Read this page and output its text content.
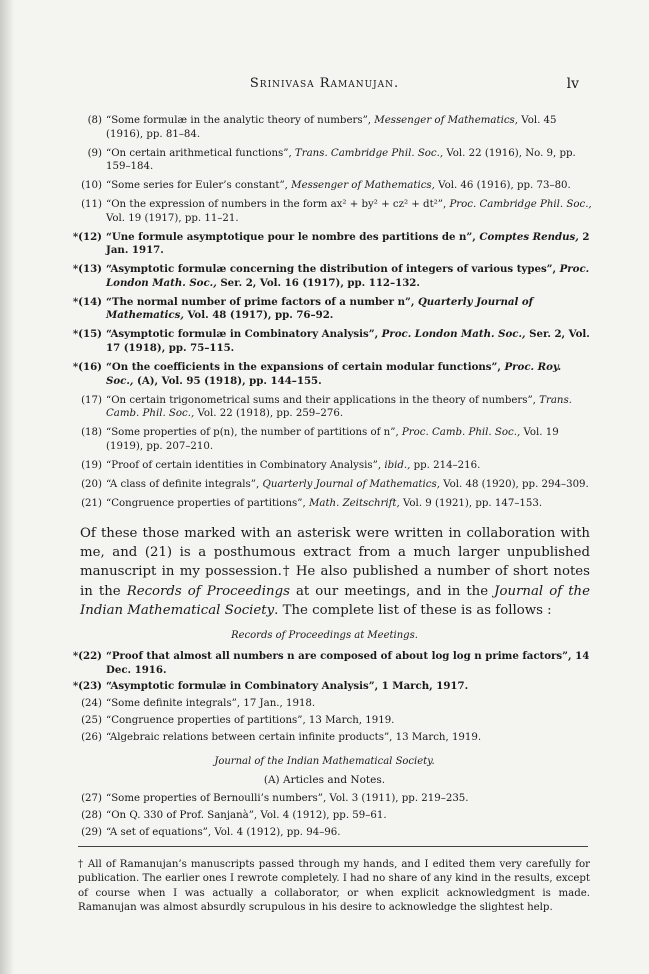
Srinivasa Ramanujan.	lv
(8) “Some formulæ in the analytic theory of numbers”, Messenger of Mathematics, Vol. 45 (1916), pp. 81–84.
(9) “On certain arithmetical functions”, Trans. Cambridge Phil. Soc., Vol. 22 (1916), No. 9, pp. 159–184.
(10) “Some series for Euler’s constant”, Messenger of Mathematics, Vol. 46 (1916), pp. 73–80.
(11) “On the expression of numbers in the form ax² + by² + cz² + dt²”, Proc. Cambridge Phil. Soc., Vol. 19 (1917), pp. 11–21.
*(12) “Une formule asymptotique pour le nombre des partitions de n”, Comptes Rendus, 2 Jan. 1917.
*(13) “Asymptotic formulæ concerning the distribution of integers of various types”, Proc. London Math. Soc., Ser. 2, Vol. 16 (1917), pp. 112–132.
*(14) “The normal number of prime factors of a number n”, Quarterly Journal of Mathematics, Vol. 48 (1917), pp. 76–92.
*(15) “Asymptotic formulæ in Combinatory Analysis”, Proc. London Math. Soc., Ser. 2, Vol. 17 (1918), pp. 75–115.
*(16) “On the coefficients in the expansions of certain modular functions”, Proc. Roy. Soc., (A), Vol. 95 (1918), pp. 144–155.
(17) “On certain trigonometrical sums and their applications in the theory of numbers”, Trans. Camb. Phil. Soc., Vol. 22 (1918), pp. 259–276.
(18) “Some properties of p(n), the number of partitions of n”, Proc. Camb. Phil. Soc., Vol. 19 (1919), pp. 207–210.
(19) “Proof of certain identities in Combinatory Analysis”, ibid., pp. 214–216.
(20) “A class of definite integrals”, Quarterly Journal of Mathematics, Vol. 48 (1920), pp. 294–309.
(21) “Congruence properties of partitions”, Math. Zeitschrift, Vol. 9 (1921), pp. 147–153.
Of these those marked with an asterisk were written in collaboration with me, and (21) is a posthumous extract from a much larger unpublished manuscript in my possession.† He also published a number of short notes in the Records of Proceedings at our meetings, and in the Journal of the Indian Mathematical Society. The complete list of these is as follows :
Records of Proceedings at Meetings.
*(22) “Proof that almost all numbers n are composed of about log log n prime factors”, 14 Dec. 1916.
*(23) “Asymptotic formulæ in Combinatory Analysis”, 1 March, 1917.
(24) “Some definite integrals”, 17 Jan., 1918.
(25) “Congruence properties of partitions”, 13 March, 1919.
(26) “Algebraic relations between certain infinite products”, 13 March, 1919.
Journal of the Indian Mathematical Society.
(A) Articles and Notes.
(27) “Some properties of Bernoulli’s numbers”, Vol. 3 (1911), pp. 219–235.
(28) “On Q. 330 of Prof. Sanjanà”, Vol. 4 (1912), pp. 59–61.
(29) “A set of equations”, Vol. 4 (1912), pp. 94–96.
† All of Ramanujan’s manuscripts passed through my hands, and I edited them very carefully for publication. The earlier ones I rewrote completely. I had no share of any kind in the results, except of course when I was actually a collaborator, or when explicit acknowledgment is made. Ramanujan was almost absurdly scrupulous in his desire to acknowledge the slightest help.
